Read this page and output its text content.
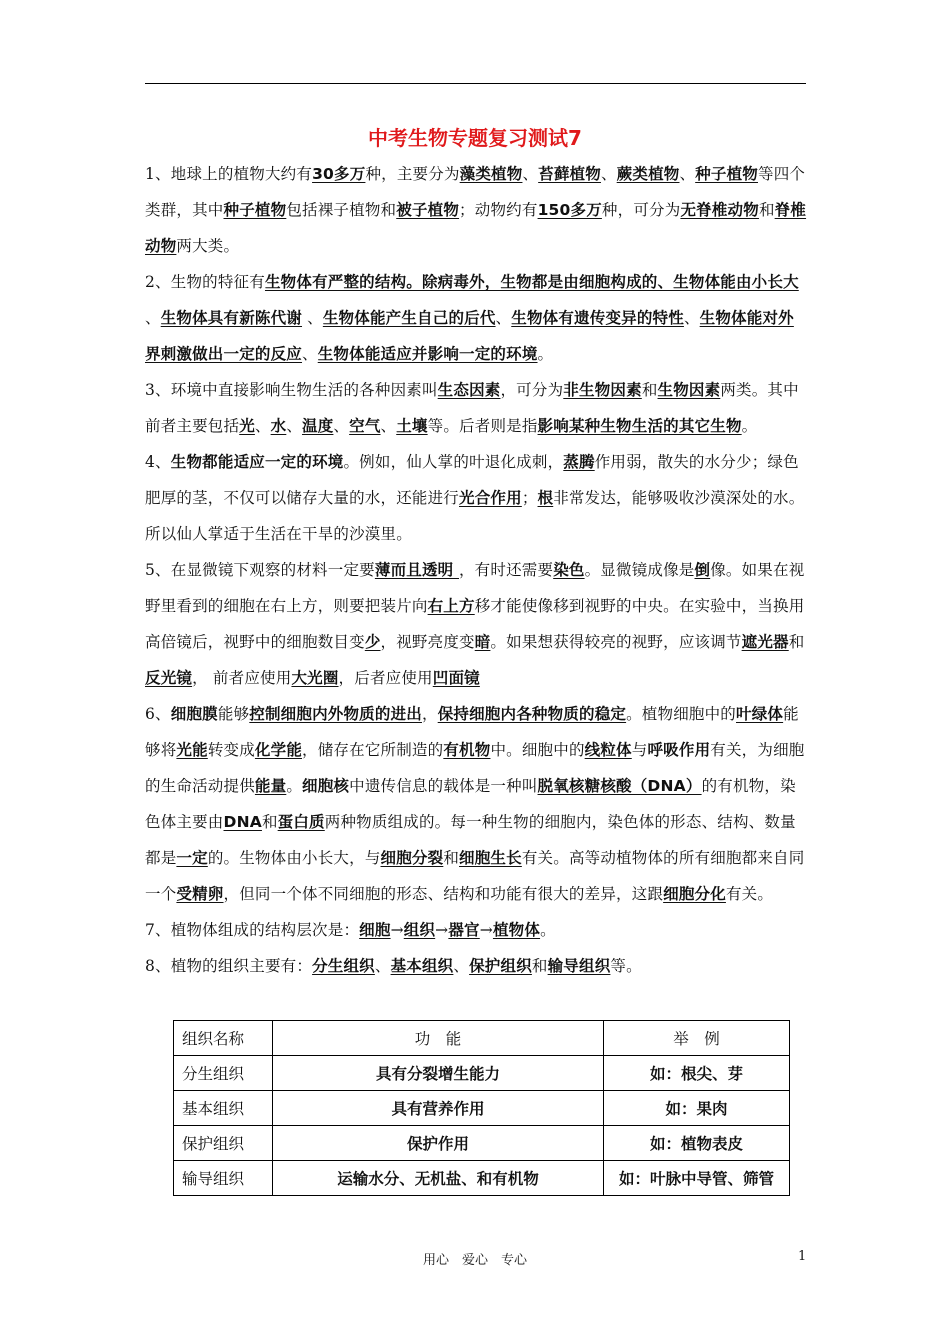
中考生物专题复习测试7

1、地球上的植物大约有30多万种，主要分为藻类植物、苔藓植物、蕨类植物、种子植物等四个类群，其中种子植物包括裸子植物和被子植物；动物约有150多万种，可分为无脊椎动物和脊椎动物两大类。

2、生物的特征有生物体有严整的结构。除病毒外，生物都是由细胞构成的、生物体能由小长大 、生物体具有新陈代谢 、生物体能产生自己的后代、生物体有遗传变异的特性、生物体能对外界刺激做出一定的反应、生物体能适应并影响一定的环境。

3、环境中直接影响生物生活的各种因素叫生态因素，可分为非生物因素和生物因素两类。其中前者主要包括光、水、温度、空气、土壤等。后者则是指影响某种生物生活的其它生物。

4、生物都能适应一定的环境。例如，仙人掌的叶退化成刺，蒸腾作用弱，散失的水分少；绿色肥厚的茎，不仅可以储存大量的水，还能进行光合作用；根非常发达，能够吸收沙漠深处的水。所以仙人掌适于生活在干旱的沙漠里。

5、在显微镜下观察的材料一定要薄而且透明 ，有时还需要染色。显微镜成像是倒像。如果在视野里看到的细胞在右上方，则要把装片向右上方移才能使像移到视野的中央。在实验中，当换用高倍镜后，视野中的细胞数目变少，视野亮度变暗。如果想获得较亮的视野，应该调节遮光器和反光镜， 前者应使用大光圈，后者应使用凹面镜

6、细胞膜能够控制细胞内外物质的进出，保持细胞内各种物质的稳定。植物细胞中的叶绿体能够将光能转变成化学能，储存在它所制造的有机物中。细胞中的线粒体与呼吸作用有关，为细胞的生命活动提供能量。细胞核中遗传信息的载体是一种叫脱氧核糖核酸（DNA）的有机物，染色体主要由DNA和蛋白质两种物质组成的。每一种生物的细胞内，染色体的形态、结构、数量都是一定的。生物体由小长大，与细胞分裂和细胞生长有关。高等动植物体的所有细胞都来自同一个受精卵，但同一个体不同细胞的形态、结构和功能有很大的差异，这跟细胞分化有关。

7、植物体组成的结构层次是：细胞→组织→器官→植物体。

8、植物的组织主要有：分生组织、基本组织、保护组织和输导组织等。

组织名称	功　能	举　例
分生组织	具有分裂增生能力	如：根尖、芽
基本组织	具有营养作用	如：果肉
保护组织	保护作用	如：植物表皮
输导组织	运输水分、无机盐、和有机物	如：叶脉中导管、筛管
用心　爱心　专心	1
